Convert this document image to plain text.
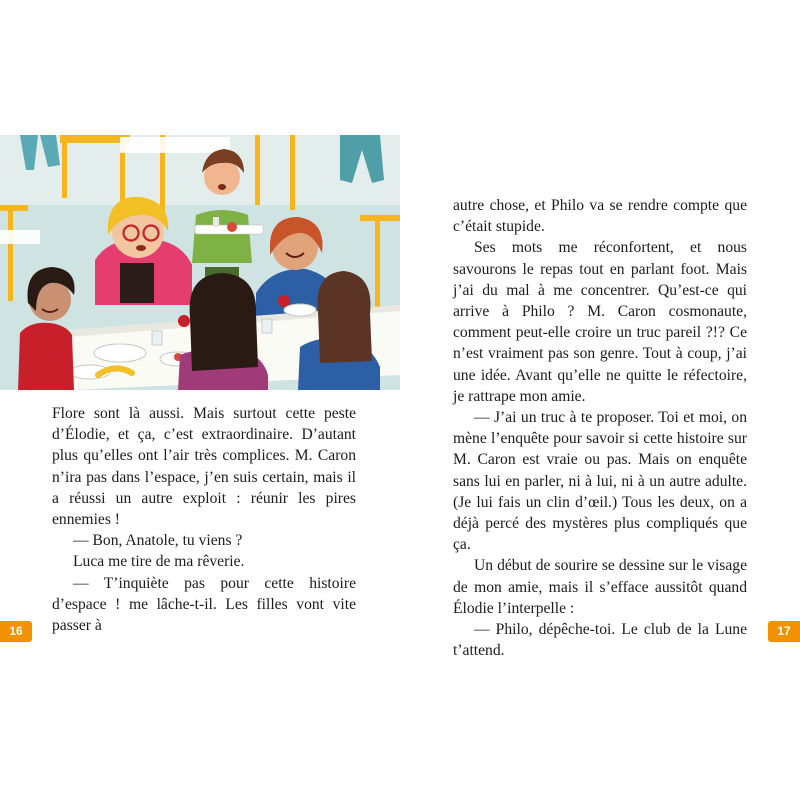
Flore sont là aussi. Mais surtout cette peste d’Élodie, et ça, c’est extraordinaire. D’autant plus qu’elles ont l’air très complices. M. Caron n’ira pas dans l’espace, j’en suis certain, mais il a réussi un autre exploit : réunir les pires ennemies !

— Bon, Anatole, tu viens ?

Luca me tire de ma rêverie.

— T’inquiète pas pour cette histoire d’espace ! me lâche-t-il. Les filles vont vite passer à

16

autre chose, et Philo va se rendre compte que c’était stupide.

Ses mots me réconfortent, et nous savourons le repas tout en parlant foot. Mais j’ai du mal à me concentrer. Qu’est-ce qui arrive à Philo ? M. Caron cosmonaute, comment peut-elle croire un truc pareil ?!? Ce n’est vraiment pas son genre. Tout à coup, j’ai une idée. Avant qu’elle ne quitte le réfectoire, je rattrape mon amie.

— J’ai un truc à te proposer. Toi et moi, on mène l’enquête pour savoir si cette histoire sur M. Caron est vraie ou pas. Mais on enquête sans lui en parler, ni à lui, ni à un autre adulte. (Je lui fais un clin d’œil.) Tous les deux, on a déjà percé des mystères plus compliqués que ça.

Un début de sourire se dessine sur le visage de mon amie, mais il s’efface aussitôt quand Élodie l’interpelle :

— Philo, dépêche-toi. Le club de la Lune t’attend.

17
